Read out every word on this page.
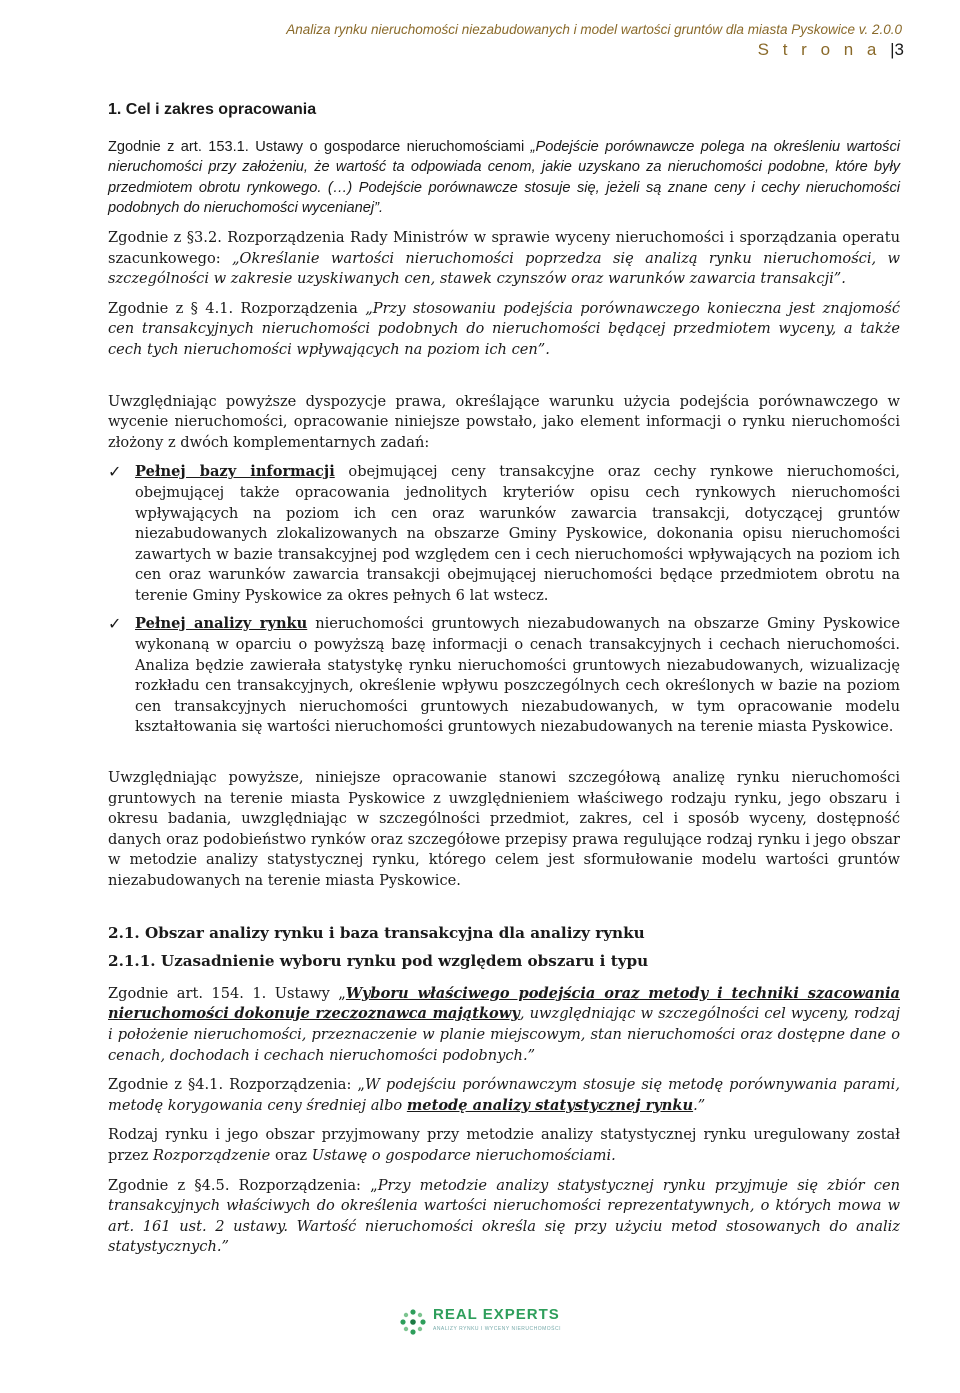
Analiza rynku nieruchomości niezabudowanych i model wartości gruntów dla miasta Pyskowice v. 2.0.0
S t r o n a |3
1. Cel i zakres opracowania

Zgodnie z art. 153.1. Ustawy o gospodarce nieruchomościami „Podejście porównawcze polega na określeniu wartości nieruchomości przy założeniu, że wartość ta odpowiada cenom, jakie uzyskano za nieruchomości podobne, które były przedmiotem obrotu rynkowego. (…) Podejście porównawcze stosuje się, jeżeli są znane ceny i cechy nieruchomości podobnych do nieruchomości wycenianej”.

Zgodnie z §3.2. Rozporządzenia Rady Ministrów w sprawie wyceny nieruchomości i sporządzania operatu szacunkowego: „Określanie wartości nieruchomości poprzedza się analizą rynku nieruchomości, w szczególności w zakresie uzyskiwanych cen, stawek czynszów oraz warunków zawarcia transakcji”.

Zgodnie z § 4.1. Rozporządzenia „Przy stosowaniu podejścia porównawczego konieczna jest znajomość cen transakcyjnych nieruchomości podobnych do nieruchomości będącej przedmiotem wyceny, a także cech tych nieruchomości wpływających na poziom ich cen”.

Uwzględniając powyższe dyspozycje prawa, określające warunku użycia podejścia porównawczego w wycenie nieruchomości, opracowanie niniejsze powstało, jako element informacji o rynku nieruchomości złożony z dwóch komplementarnych zadań:

✓ Pełnej bazy informacji obejmującej ceny transakcyjne oraz cechy rynkowe nieruchomości, obejmującej także opracowania jednolitych kryteriów opisu cech rynkowych nieruchomości wpływających na poziom ich cen oraz warunków zawarcia transakcji, dotyczącej gruntów niezabudowanych zlokalizowanych na obszarze Gminy Pyskowice, dokonania opisu nieruchomości zawartych w bazie transakcyjnej pod względem cen i cech nieruchomości wpływających na poziom ich cen oraz warunków zawarcia transakcji obejmującej nieruchomości będące przedmiotem obrotu na terenie Gminy Pyskowice za okres pełnych 6 lat wstecz.
✓ Pełnej analizy rynku nieruchomości gruntowych niezabudowanych na obszarze Gminy Pyskowice wykonaną w oparciu o powyższą bazę informacji o cenach transakcyjnych i cechach nieruchomości. Analiza będzie zawierała statystykę rynku nieruchomości gruntowych niezabudowanych, wizualizację rozkładu cen transakcyjnych, określenie wpływu poszczególnych cech określonych w bazie na poziom cen transakcyjnych nieruchomości gruntowych niezabudowanych, w tym opracowanie modelu kształtowania się wartości nieruchomości gruntowych niezabudowanych na terenie miasta Pyskowice.

Uwzględniając powyższe, niniejsze opracowanie stanowi szczegółową analizę rynku nieruchomości gruntowych na terenie miasta Pyskowice z uwzględnieniem właściwego rodzaju rynku, jego obszaru i okresu badania, uwzględniając w szczególności przedmiot, zakres, cel i sposób wyceny, dostępność danych oraz podobieństwo rynków oraz szczegółowe przepisy prawa regulujące rodzaj rynku i jego obszar w metodzie analizy statystycznej rynku, którego celem jest sformułowanie modelu wartości gruntów niezabudowanych na terenie miasta Pyskowice.

2.1. Obszar analizy rynku i baza transakcyjna dla analizy rynku
2.1.1. Uzasadnienie wyboru rynku pod względem obszaru i typu

Zgodnie art. 154. 1. Ustawy „Wyboru właściwego podejścia oraz metody i techniki szacowania nieruchomości dokonuje rzeczoznawca majątkowy, uwzględniając w szczególności cel wyceny, rodzaj i położenie nieruchomości, przeznaczenie w planie miejscowym, stan nieruchomości oraz dostępne dane o cenach, dochodach i cechach nieruchomości podobnych.”

Zgodnie z §4.1. Rozporządzenia: „W podejściu porównawczym stosuje się metodę porównywania parami, metodę korygowania ceny średniej albo metodę analizy statystycznej rynku.”

Rodzaj rynku i jego obszar przyjmowany przy metodzie analizy statystycznej rynku uregulowany został przez Rozporządzenie oraz Ustawę o gospodarce nieruchomościami.

Zgodnie z §4.5. Rozporządzenia: „Przy metodzie analizy statystycznej rynku przyjmuje się zbiór cen transakcyjnych właściwych do określenia wartości nieruchomości reprezentatywnych, o których mowa w art. 161 ust. 2 ustawy. Wartość nieruchomości określa się przy użyciu metod stosowanych do analiz statystycznych.”

REAL EXPERTS
ANALIZY RYNKU I WYCENY NIERUCHOMOŚCI
